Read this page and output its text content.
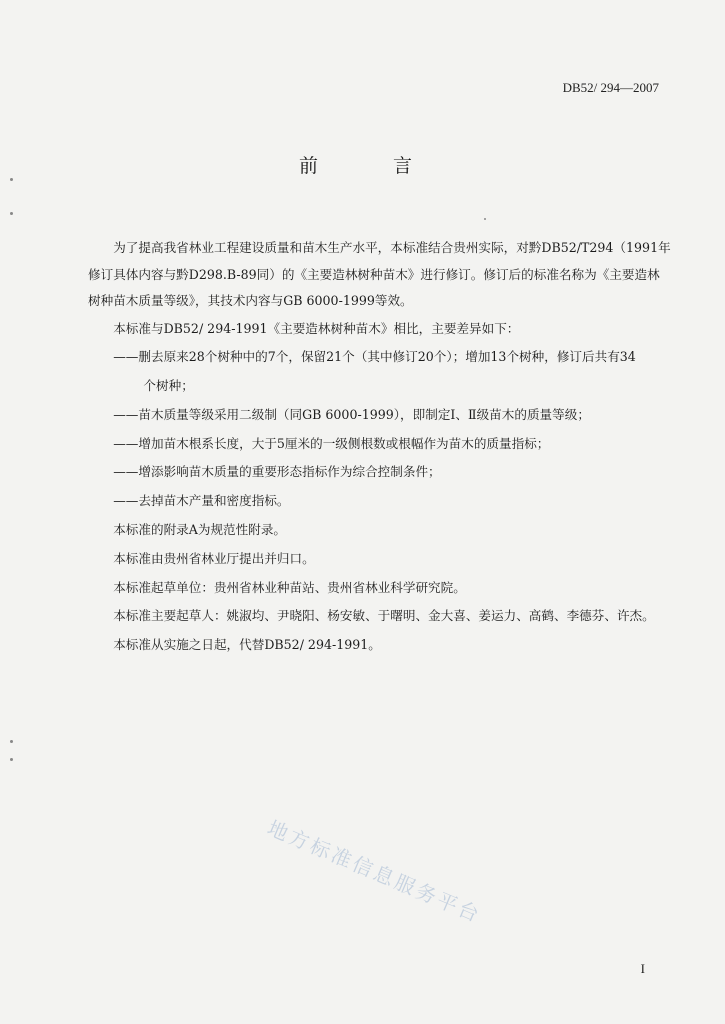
DB52/ 294—2007
前　言

为了提高我省林业工程建设质量和苗木生产水平，本标准结合贵州实际，对黔DB52/T294（1991年修订具体内容与黔D298.B-89同）的《主要造林树种苗木》进行修订。修订后的标准名称为《主要造林树种苗木质量等级》，其技术内容与GB 6000-1999等效。

本标准与DB52/ 294-1991《主要造林树种苗木》相比，主要差异如下：

——删去原来28个树种中的7个，保留21个（其中修订20个）；增加13个树种，修订后共有34
个树种；

——苗木质量等级采用二级制（同GB 6000-1999），即制定Ⅰ、Ⅱ级苗木的质量等级；

——增加苗木根系长度，大于5厘米的一级侧根数或根幅作为苗木的质量指标；

——增添影响苗木质量的重要形态指标作为综合控制条件；

——去掉苗木产量和密度指标。

本标准的附录A为规范性附录。

本标准由贵州省林业厅提出并归口。

本标准起草单位：贵州省林业种苗站、贵州省林业科学研究院。

本标准主要起草人：姚淑均、尹晓阳、杨安敏、于曙明、金大喜、姜运力、高鹤、李德芬、许杰。

本标准从实施之日起，代替DB52/ 294-1991。

地方标准信息服务平台
I
